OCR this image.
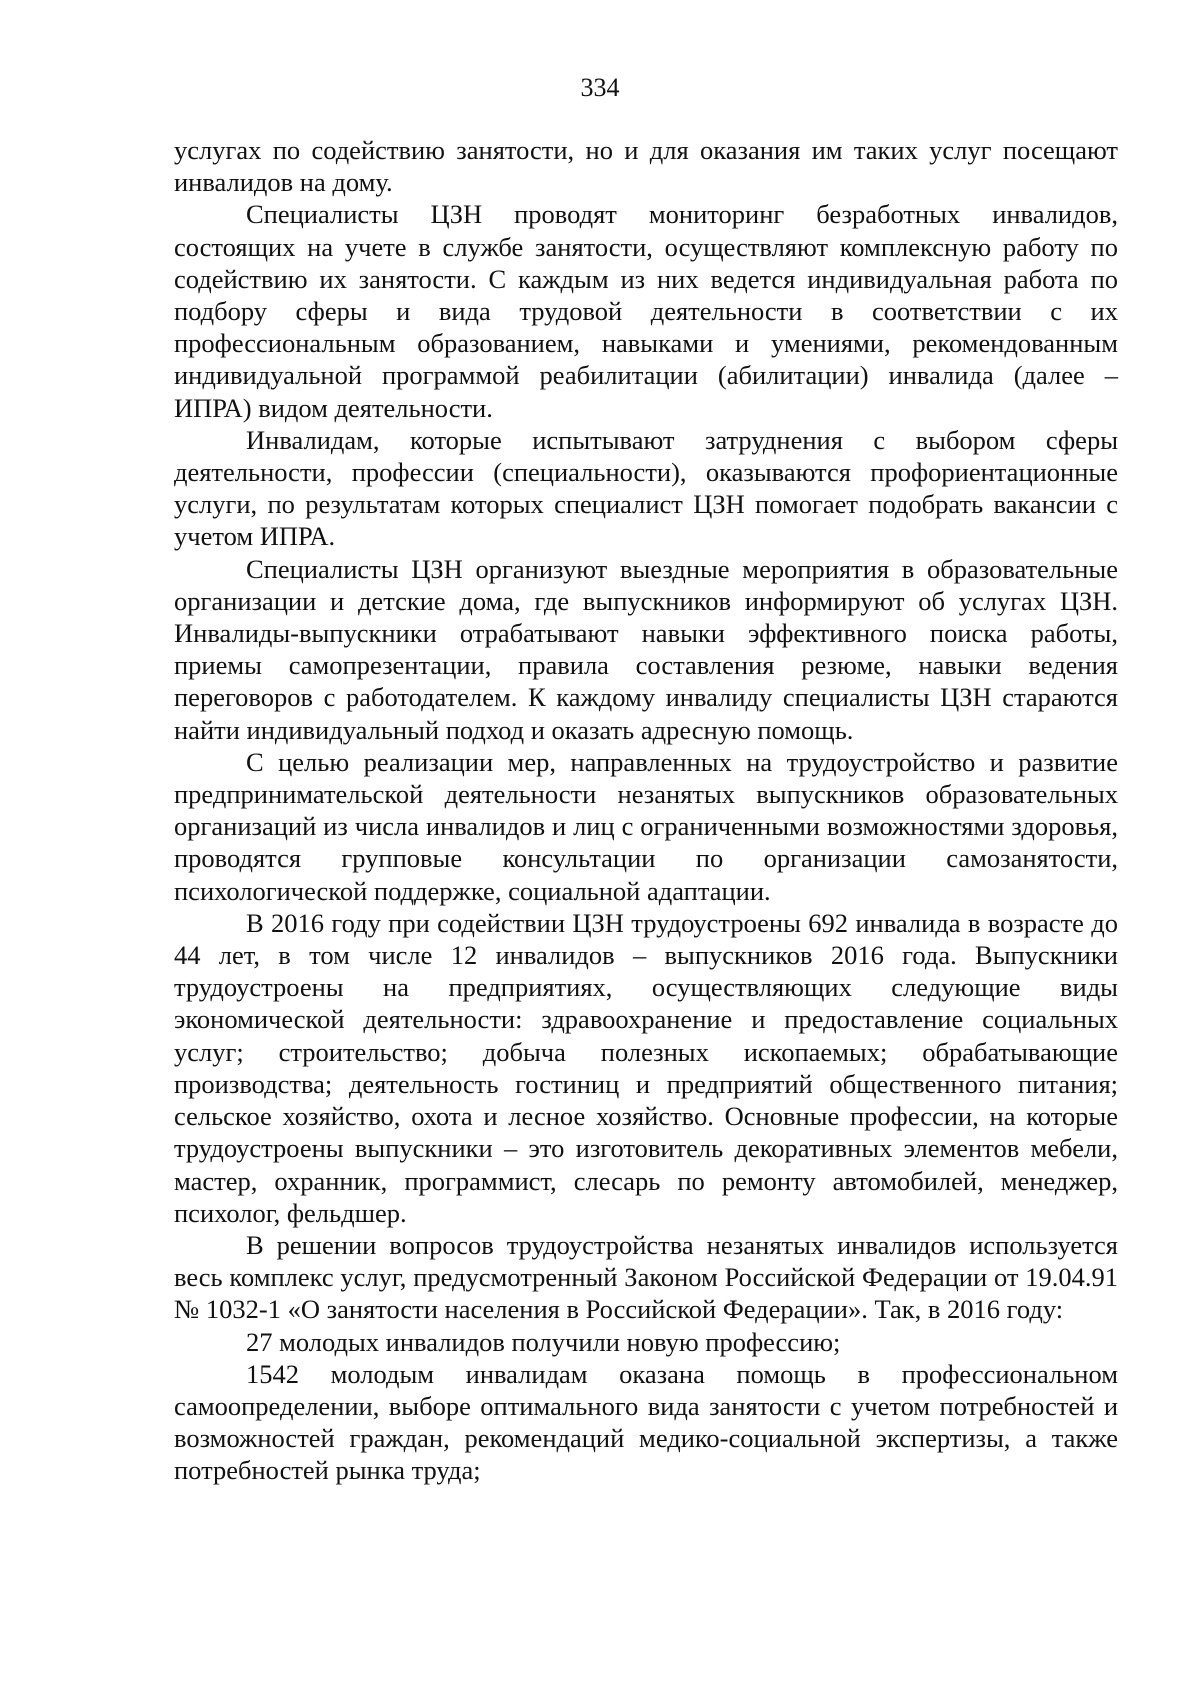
334

услугах по содействию занятости, но и для оказания им таких услуг посещают инвалидов на дому.

Специалисты ЦЗН проводят мониторинг безработных инвалидов, состоящих на учете в службе занятости, осуществляют комплексную работу по содействию их занятости. С каждым из них ведется индивидуальная работа по подбору сферы и вида трудовой деятельности в соответствии с их профессиональным образованием, навыками и умениями, рекомендованным индивидуальной программой реабилитации (абилитации) инвалида (далее – ИПРА) видом деятельности.

Инвалидам, которые испытывают затруднения с выбором сферы деятельности, профессии (специальности), оказываются профориентационные услуги, по результатам которых специалист ЦЗН помогает подобрать вакансии с учетом ИПРА.

Специалисты ЦЗН организуют выездные мероприятия в образовательные организации и детские дома, где выпускников информируют об услугах ЦЗН. Инвалиды-выпускники отрабатывают навыки эффективного поиска работы, приемы самопрезентации, правила составления резюме, навыки ведения переговоров с работодателем. К каждому инвалиду специалисты ЦЗН стараются найти индивидуальный подход и оказать адресную помощь.

С целью реализации мер, направленных на трудоустройство и развитие предпринимательской деятельности незанятых выпускников образовательных организаций из числа инвалидов и лиц с ограниченными возможностями здоровья, проводятся групповые консультации по организации самозанятости, психологической поддержке, социальной адаптации.

В 2016 году при содействии ЦЗН трудоустроены 692 инвалида в возрасте до 44 лет, в том числе 12 инвалидов – выпускников 2016 года. Выпускники трудоустроены на предприятиях, осуществляющих следующие виды экономической деятельности: здравоохранение и предоставление социальных услуг; строительство; добыча полезных ископаемых; обрабатывающие производства; деятельность гостиниц и предприятий общественного питания; сельское хозяйство, охота и лесное хозяйство. Основные профессии, на которые трудоустроены выпускники – это изготовитель декоративных элементов мебели, мастер, охранник, программист, слесарь по ремонту автомобилей, менеджер, психолог, фельдшер.

В решении вопросов трудоустройства незанятых инвалидов используется весь комплекс услуг, предусмотренный Законом Российской Федерации от 19.04.91 № 1032-1 «О занятости населения в Российской Федерации». Так, в 2016 году:

27 молодых инвалидов получили новую профессию;

1542 молодым инвалидам оказана помощь в профессиональном самоопределении, выборе оптимального вида занятости с учетом потребностей и возможностей граждан, рекомендаций медико-социальной экспертизы, а также потребностей рынка труда;
